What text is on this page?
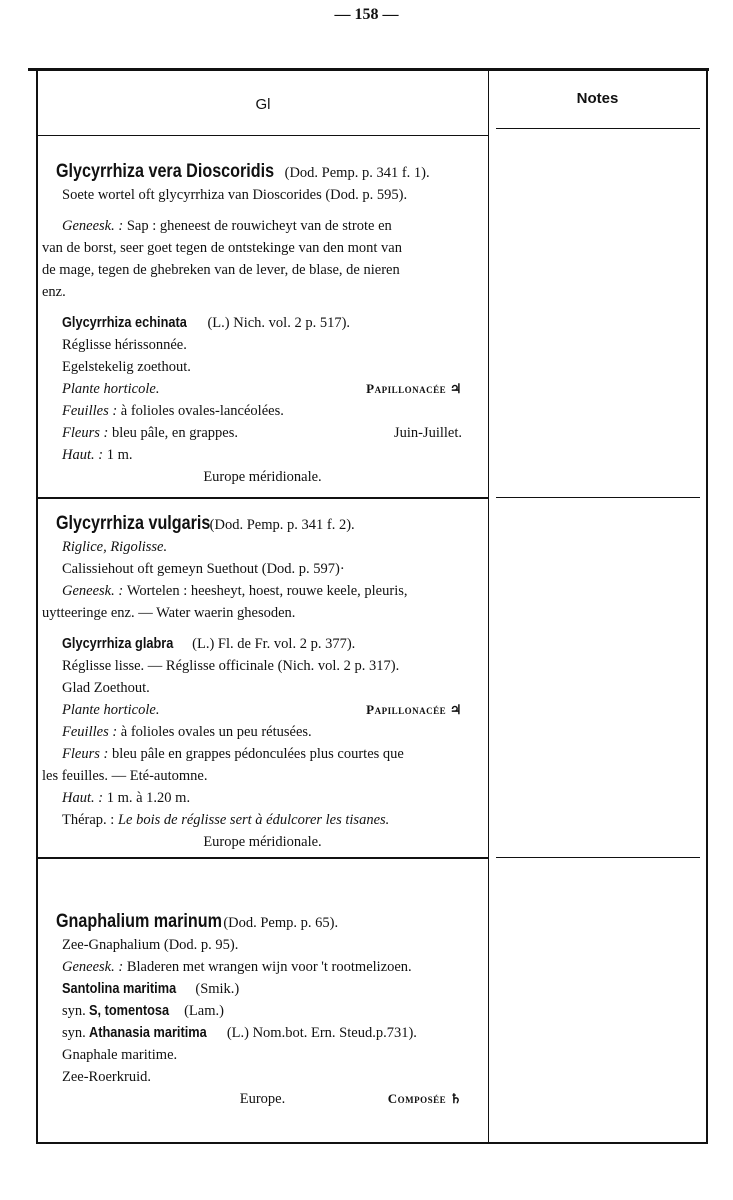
— 158 —
Gl	Notes
Glycyrrhiza vera Dioscoridis(Dod. Pemp. p. 341 f. 1).
Soete wortel oft glycyrrhiza van Dioscorides (Dod. p. 595).
Geneesk. : Sap : gheneest de rouwicheyt van de strote en
van de borst, seer goet tegen de ontstekinge van den mont van
de mage, tegen de ghebreken van de lever, de blase, de nieren
enz.
Glycyrrhiza echinata (L.) Nich. vol. 2 p. 517).
Réglisse hérissonnée.
Egelstekelig zoethout.
Plante horticole.	Papillonacée ♃
Feuilles : à folioles ovales-lancéolées.
Fleurs : bleu pâle, en grappes.	Juin-Juillet.
Haut. : 1 m.
Europe méridionale.
Glycyrrhiza vulgaris(Dod. Pemp. p. 341 f. 2).
Riglice, Rigolisse.
Calissiehout oft gemeyn Suethout (Dod. p. 597)·
Geneesk. : Wortelen : heesheyt, hoest, rouwe keele, pleuris,
uytteeringe enz. — Water waerin ghesoden.
Glycyrrhiza glabra (L.) Fl. de Fr. vol. 2 p. 377).
Réglisse lisse. — Réglisse officinale (Nich. vol. 2 p. 317).
Glad Zoethout.
Plante horticole.	Papillonacée ♃
Feuilles : à folioles ovales un peu rétusées.
Fleurs : bleu pâle en grappes pédonculées plus courtes que
les feuilles. — Eté-automne.
Haut. : 1 m. à 1.20 m.
Thérap. : Le bois de réglisse sert à édulcorer les tisanes.
Europe méridionale.
Gnaphalium marinum(Dod. Pemp. p. 65).
Zee-Gnaphalium (Dod. p. 95).
Geneesk. : Bladeren met wrangen wijn voor 't rootmelizoen.
Santolina maritima (Smik.)
syn. S, tomentosa (Lam.)
syn. Athanasia maritima (L.) Nom.bot. Ern. Steud.p.731).
Gnaphale maritime.
Zee-Roerkruid.
Europe.	Composée ♄
